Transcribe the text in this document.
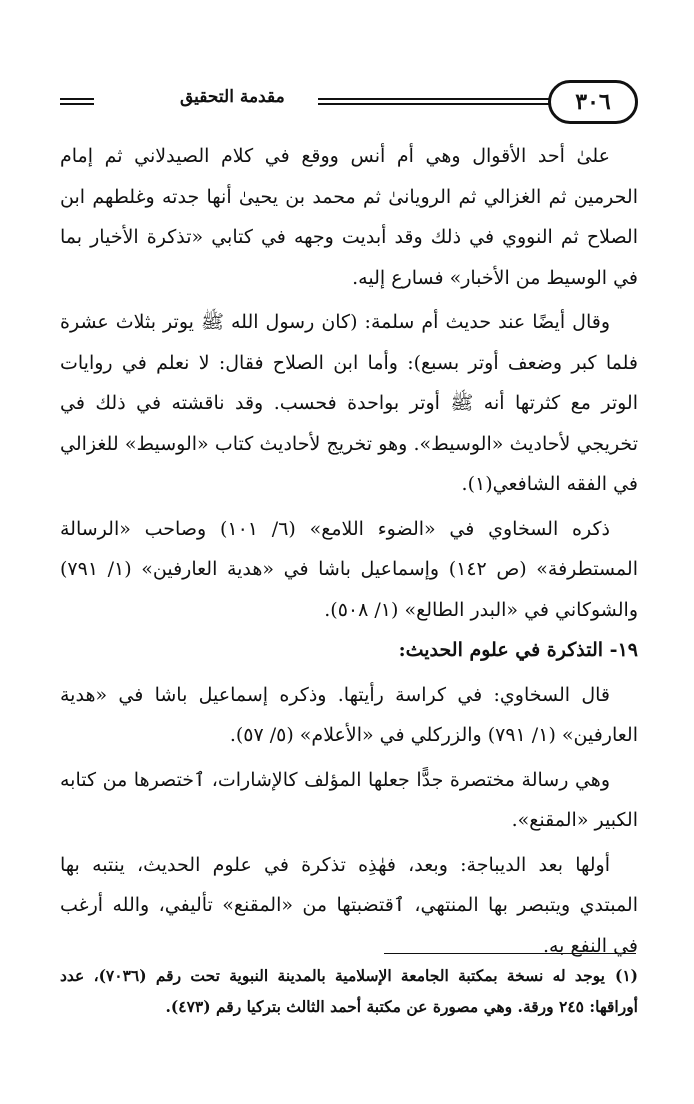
مقدمة التحقيق	٣٠٦

علىٰ أحد الأقوال وهي أم أنس ووقع في كلام الصيدلاني ثم إمام الحرمين ثم الغزالي ثم الرويانىٰ ثم محمد بن يحيىٰ أنها جدته وغلطهم ابن الصلاح ثم النووي في ذلك وقد أبديت وجهه في كتابي «تذكرة الأخيار بما في الوسيط من الأخبار» فسارع إليه.

وقال أيضًا عند حديث أم سلمة: (كان رسول الله ﷺ يوتر بثلاث عشرة فلما كبر وضعف أوتر بسبع): وأما ابن الصلاح فقال: لا نعلم في روايات الوتر مع كثرتها أنه ﷺ أوتر بواحدة فحسب. وقد ناقشته في ذلك في تخريجي لأحاديث «الوسيط». وهو تخريج لأحاديث كتاب «الوسيط» للغزالي في الفقه الشافعي(١).

ذكره السخاوي في «الضوء اللامع» (٦/ ١٠١) وصاحب «الرسالة المستطرفة» (ص ١٤٢) وإسماعيل باشا في «هدية العارفين» (١/ ٧٩١) والشوكاني في «البدر الطالع» (١/ ٥٠٨).

١٩- التذكرة في علوم الحديث:

قال السخاوي: في كراسة رأيتها. وذكره إسماعيل باشا في «هدية العارفين» (١/ ٧٩١) والزركلي في «الأعلام» (٥/ ٥٧).

وهي رسالة مختصرة جدًّا جعلها المؤلف كالإشارات، ٱختصرها من كتابه الكبير «المقنع».

أولها بعد الديباجة: وبعد، فهٰذِه تذكرة في علوم الحديث، ينتبه بها المبتدي ويتبصر بها المنتهي، ٱقتضبتها من «المقنع» تأليفي، والله أرغب في النفع به.

(١)يوجد له نسخة بمكتبة الجامعة الإسلامية بالمدينة النبوية تحت رقم (٧٠٣٦)، عدد أوراقها: ٢٤٥ ورقة. وهي مصورة عن مكتبة أحمد الثالث بتركيا رقم (٤٧٣).
